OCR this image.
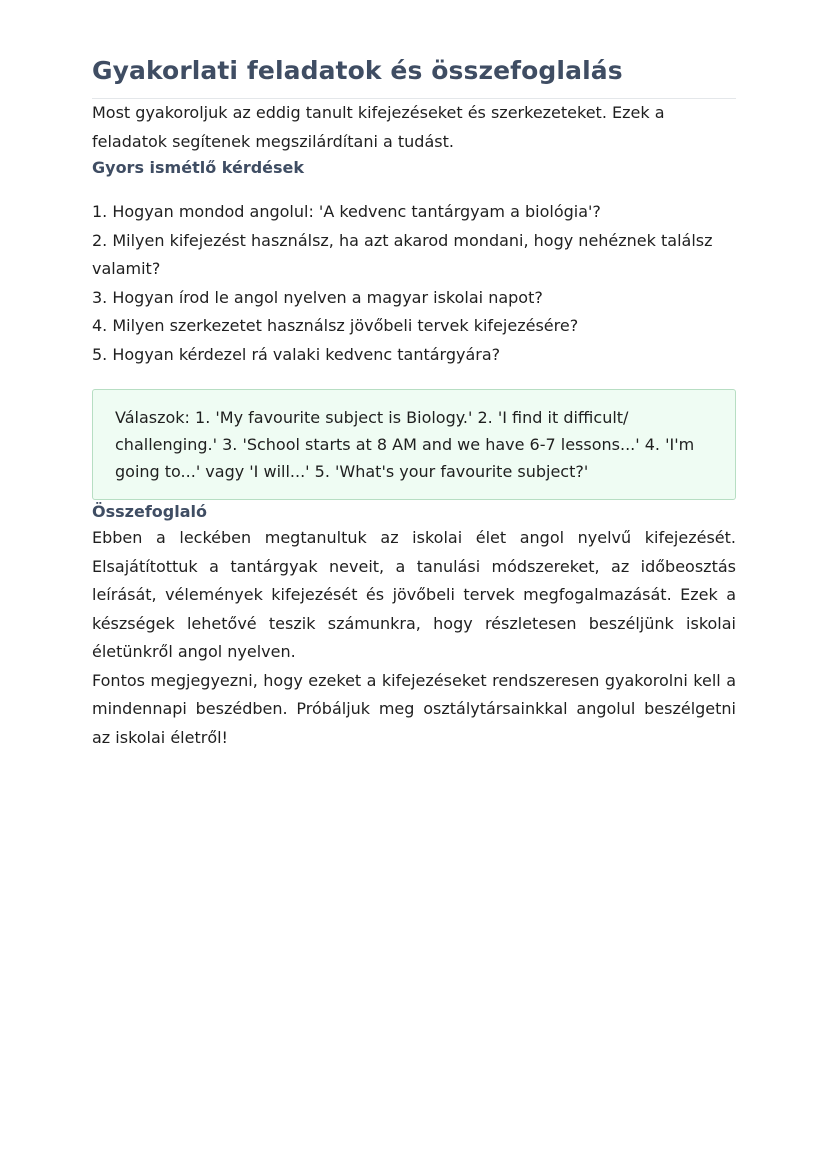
Gyakorlati feladatok és összefoglalás

Most gyakoroljuk az eddig tanult kifejezéseket és szerkezeteket. Ezek a feladatok segítenek megszilárdítani a tudást.

Gyors ismétlő kérdések
1. Hogyan mondod angolul: 'A kedvenc tantárgyam a biológia'?
2. Milyen kifejezést használsz, ha azt akarod mondani, hogy nehéznek találsz valamit?
3. Hogyan írod le angol nyelven a magyar iskolai napot?
4. Milyen szerkezetet használsz jövőbeli tervek kifejezésére?
5. Hogyan kérdezel rá valaki kedvenc tantárgyára?

Válaszok: 1. 'My favourite subject is Biology.' 2. 'I find it difficult/ challenging.' 3. 'School starts at 8 AM and we have 6-7 lessons...' 4. 'I'm going to...' vagy 'I will...' 5. 'What's your favourite subject?'

Összefoglaló

Ebben a leckében megtanultuk az iskolai élet angol nyelvű kifejezését. Elsajátítottuk a tantárgyak neveit, a tanulási módszereket, az időbeosztás leírását, vélemények kifejezését és jövőbeli tervek megfogalmazását. Ezek a készségek lehetővé teszik számunkra, hogy részletesen beszéljünk iskolai életünkről angol nyelven.

Fontos megjegyezni, hogy ezeket a kifejezéseket rendszeresen gyakorolni kell a mindennapi beszédben. Próbáljuk meg osztálytársainkkal angolul beszélgetni az iskolai életről!
